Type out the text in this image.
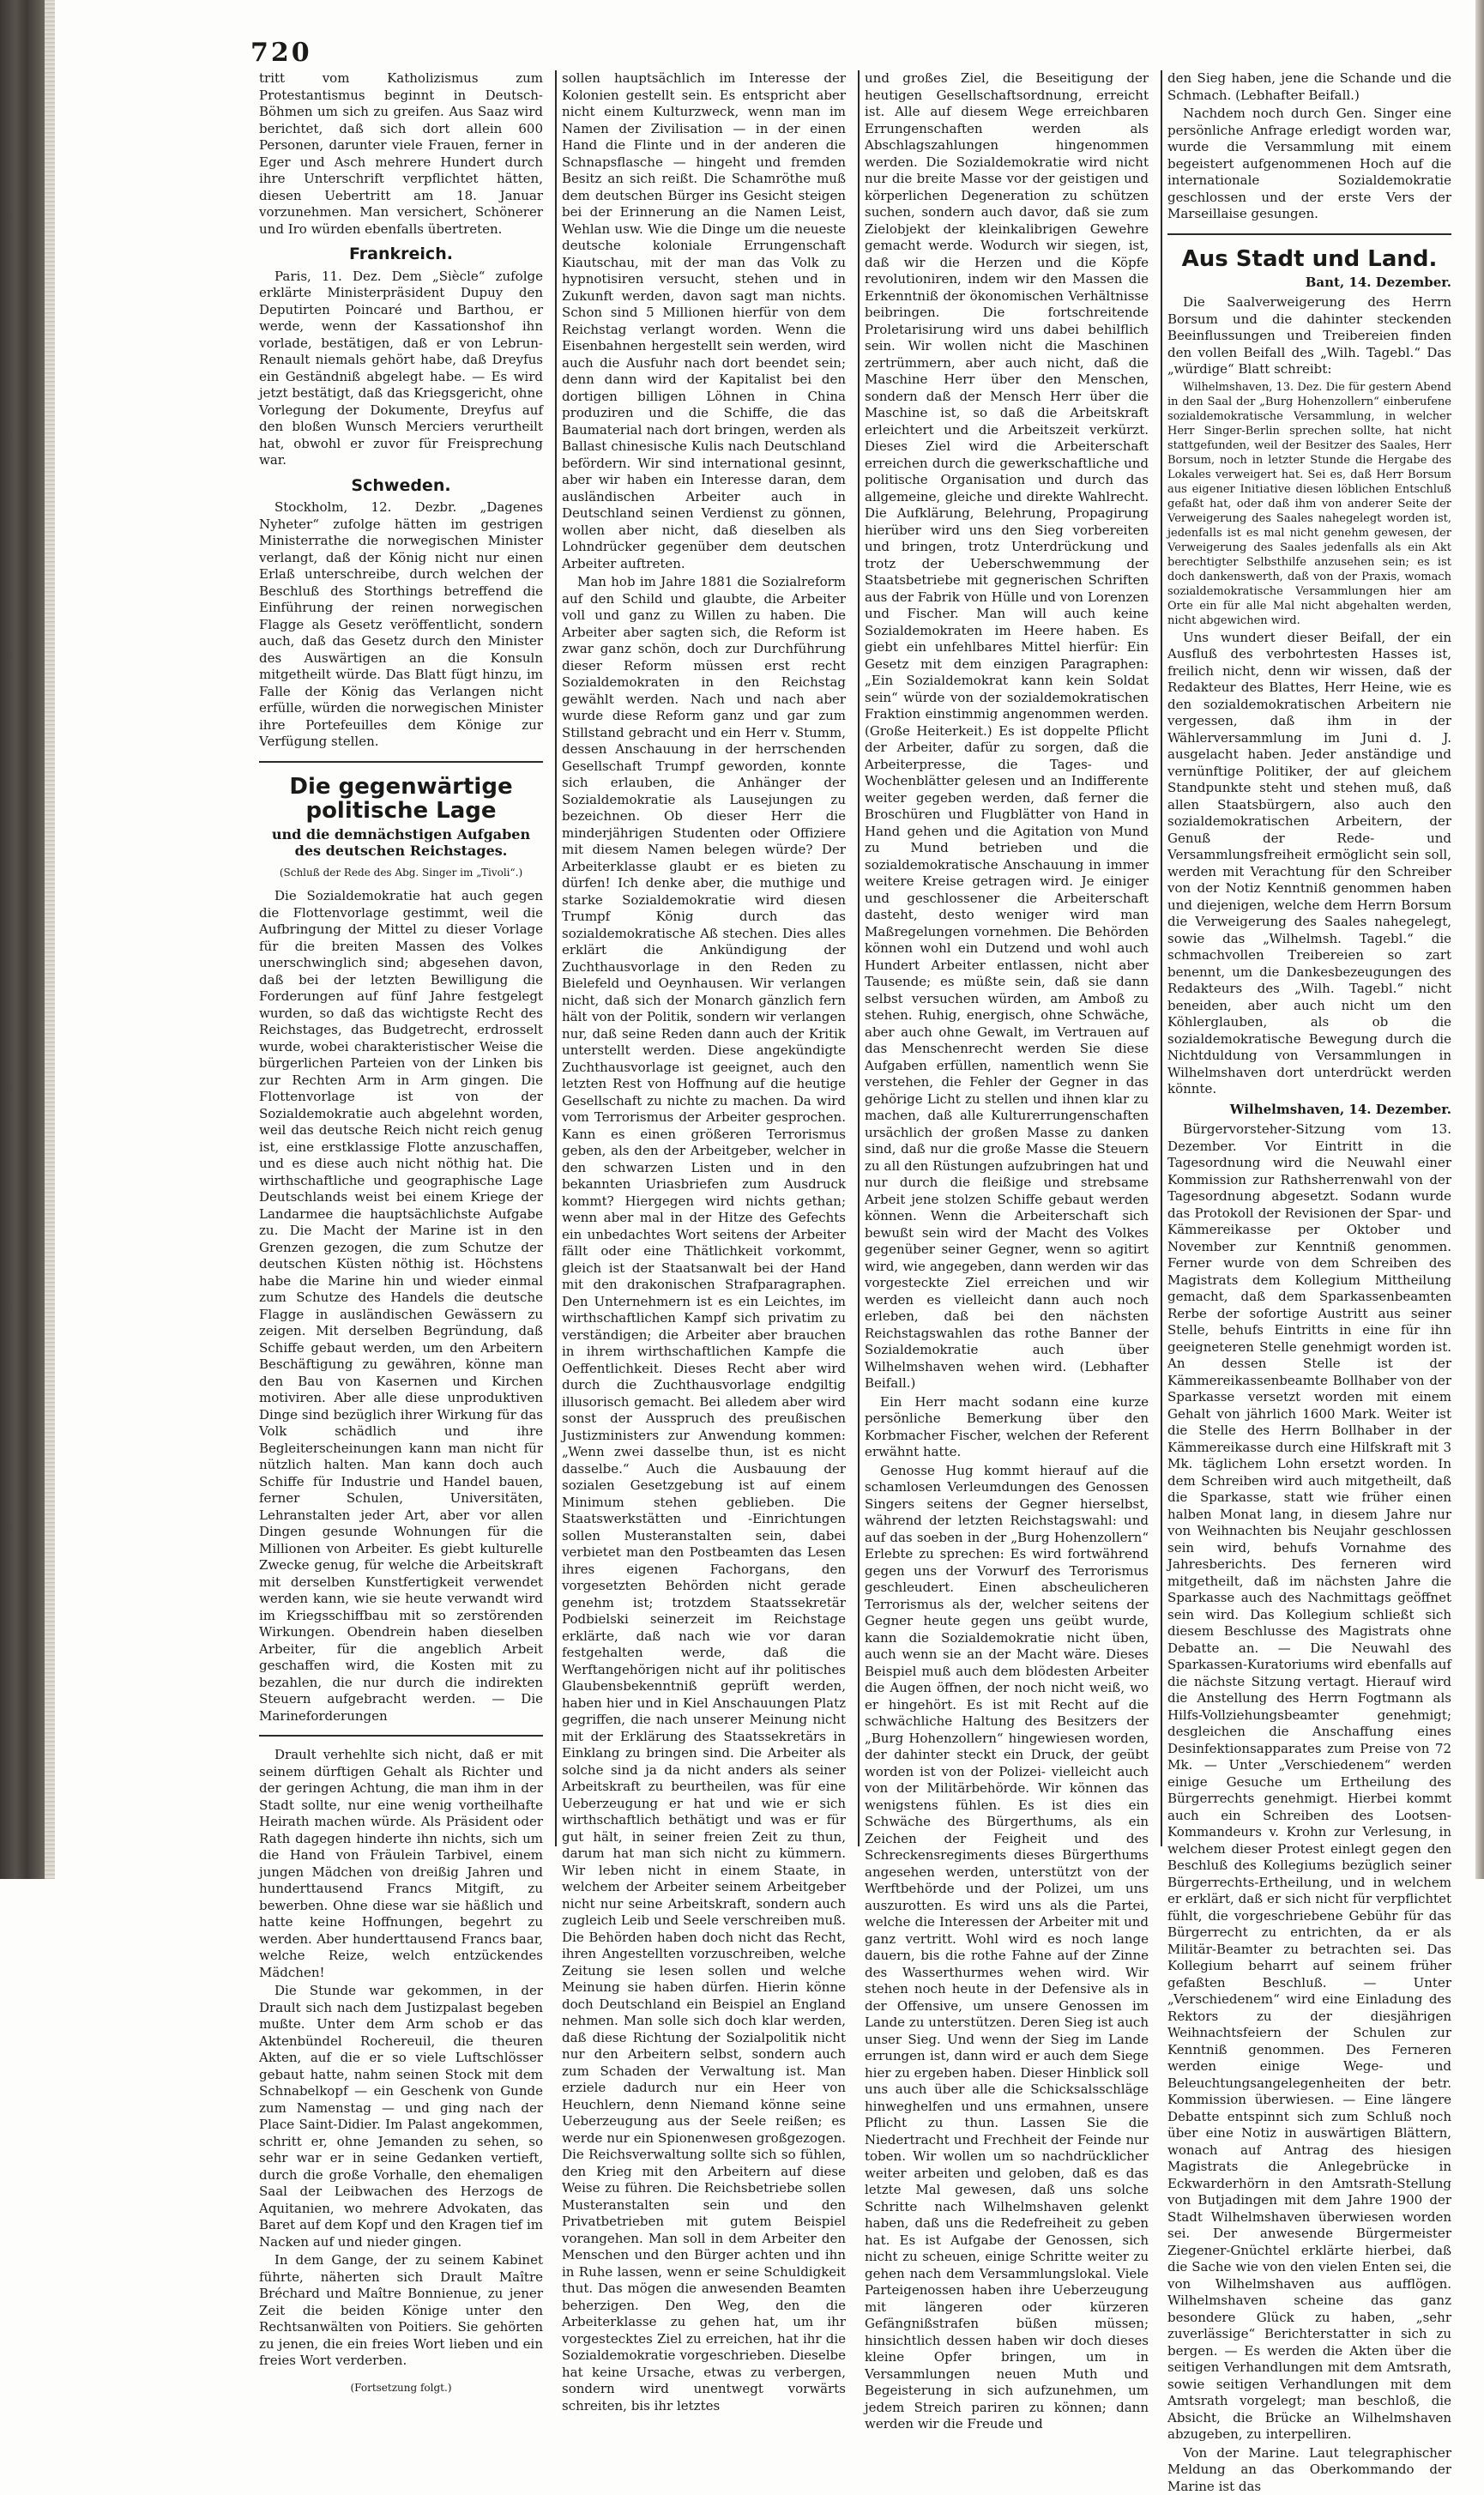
720

tritt vom Katholizismus zum Protestantismus beginnt in Deutsch-Böhmen um sich zu greifen. Aus Saaz wird berichtet, daß sich dort allein 600 Personen, darunter viele Frauen, ferner in Eger und Asch mehrere Hundert durch ihre Unterschrift verpflichtet hätten, diesen Uebertritt am 18. Januar vorzunehmen. Man versichert, Schönerer und Iro würden ebenfalls übertreten.

Frankreich.

Paris, 11. Dez. Dem „Siècle“ zufolge erklärte Ministerpräsident Dupuy den Deputirten Poincaré und Barthou, er werde, wenn der Kassationshof ihn vorlade, bestätigen, daß er von Lebrun-Renault niemals gehört habe, daß Dreyfus ein Geständniß abgelegt habe. — Es wird jetzt bestätigt, daß das Kriegsgericht, ohne Vorlegung der Dokumente, Dreyfus auf den bloßen Wunsch Merciers verurtheilt hat, obwohl er zuvor für Freisprechung war.

Schweden.

Stockholm, 12. Dezbr. „Dagenes Nyheter“ zufolge hätten im gestrigen Ministerrathe die norwegischen Minister verlangt, daß der König nicht nur einen Erlaß unterschreibe, durch welchen der Beschluß des Storthings betreffend die Einführung der reinen norwegischen Flagge als Gesetz veröffentlicht, sondern auch, daß das Gesetz durch den Minister des Auswärtigen an die Konsuln mitgetheilt würde. Das Blatt fügt hinzu, im Falle der König das Verlangen nicht erfülle, würden die norwegischen Minister ihre Portefeuilles dem Könige zur Verfügung stellen.

Die gegenwärtige politische Lage
und die demnächstigen Aufgaben des deutschen Reichstages.
(Schluß der Rede des Abg. Singer im „Tivoli“.)

Die Sozialdemokratie hat auch gegen die Flottenvorlage gestimmt, weil die Aufbringung der Mittel zu dieser Vorlage für die breiten Massen des Volkes unerschwinglich sind; abgesehen davon, daß bei der letzten Bewilligung die Forderungen auf fünf Jahre festgelegt wurden, so daß das wichtigste Recht des Reichstages, das Budgetrecht, erdrosselt wurde, wobei charakteristischer Weise die bürgerlichen Parteien von der Linken bis zur Rechten Arm in Arm gingen. Die Flottenvorlage ist von der Sozialdemokratie auch abgelehnt worden, weil das deutsche Reich nicht reich genug ist, eine erstklassige Flotte anzuschaffen, und es diese auch nicht nöthig hat. Die wirthschaftliche und geographische Lage Deutschlands weist bei einem Kriege der Landarmee die hauptsächlichste Aufgabe zu. Die Macht der Marine ist in den Grenzen gezogen, die zum Schutze der deutschen Küsten nöthig ist. Höchstens habe die Marine hin und wieder einmal zum Schutze des Handels die deutsche Flagge in ausländischen Gewässern zu zeigen. Mit derselben Begründung, daß Schiffe gebaut werden, um den Arbeitern Beschäftigung zu gewähren, könne man den Bau von Kasernen und Kirchen motiviren. Aber alle diese unproduktiven Dinge sind bezüglich ihrer Wirkung für das Volk schädlich und ihre Begleiterscheinungen kann man nicht für nützlich halten. Man kann doch auch Schiffe für Industrie und Handel bauen, ferner Schulen, Universitäten, Lehranstalten jeder Art, aber vor allen Dingen gesunde Wohnungen für die Millionen von Arbeiter. Es giebt kulturelle Zwecke genug, für welche die Arbeitskraft mit derselben Kunstfertigkeit verwendet werden kann, wie sie heute verwandt wird im Kriegsschiffbau mit so zerstörenden Wirkungen. Obendrein haben dieselben Arbeiter, für die angeblich Arbeit geschaffen wird, die Kosten mit zu bezahlen, die nur durch die indirekten Steuern aufgebracht werden. — Die Marineforderungen

Drault verhehlte sich nicht, daß er mit seinem dürftigen Gehalt als Richter und der geringen Achtung, die man ihm in der Stadt sollte, nur eine wenig vortheilhafte Heirath machen würde. Als Präsident oder Rath dagegen hinderte ihn nichts, sich um die Hand von Fräulein Tarbivel, einem jungen Mädchen von dreißig Jahren und hunderttausend Francs Mitgift, zu bewerben. Ohne diese war sie häßlich und hatte keine Hoffnungen, begehrt zu werden. Aber hunderttausend Francs baar, welche Reize, welch entzückendes Mädchen!

Die Stunde war gekommen, in der Drault sich nach dem Justizpalast begeben mußte. Unter dem Arm schob er das Aktenbündel Rochereuil, die theuren Akten, auf die er so viele Luftschlösser gebaut hatte, nahm seinen Stock mit dem Schnabelkopf — ein Geschenk von Gunde zum Namenstag — und ging nach der Place Saint-Didier. Im Palast angekommen, schritt er, ohne Jemanden zu sehen, so sehr war er in seine Gedanken vertieft, durch die große Vorhalle, den ehemaligen Saal der Leibwachen des Herzogs de Aquitanien, wo mehrere Advokaten, das Baret auf dem Kopf und den Kragen tief im Nacken auf und nieder gingen.

In dem Gange, der zu seinem Kabinet führte, näherten sich Drault Maître Bréchard und Maître Bonnienue, zu jener Zeit die beiden Könige unter den Rechtsanwälten von Poitiers. Sie gehörten zu jenen, die ein freies Wort lieben und ein freies Wort verderben.

(Fortsetzung folgt.)

sollen hauptsächlich im Interesse der Kolonien gestellt sein. Es entspricht aber nicht einem Kulturzweck, wenn man im Namen der Zivilisation — in der einen Hand die Flinte und in der anderen die Schnapsflasche — hingeht und fremden Besitz an sich reißt. Die Schamröthe muß dem deutschen Bürger ins Gesicht steigen bei der Erinnerung an die Namen Leist, Wehlan usw. Wie die Dinge um die neueste deutsche koloniale Errungenschaft Kiautschau, mit der man das Volk zu hypnotisiren versucht, stehen und in Zukunft werden, davon sagt man nichts. Schon sind 5 Millionen hierfür von dem Reichstag verlangt worden. Wenn die Eisenbahnen hergestellt sein werden, wird auch die Ausfuhr nach dort beendet sein; denn dann wird der Kapitalist bei den dortigen billigen Löhnen in China produziren und die Schiffe, die das Baumaterial nach dort bringen, werden als Ballast chinesische Kulis nach Deutschland befördern. Wir sind international gesinnt, aber wir haben ein Interesse daran, dem ausländischen Arbeiter auch in Deutschland seinen Verdienst zu gönnen, wollen aber nicht, daß dieselben als Lohndrücker gegenüber dem deutschen Arbeiter auftreten.

Man hob im Jahre 1881 die Sozialreform auf den Schild und glaubte, die Arbeiter voll und ganz zu Willen zu haben. Die Arbeiter aber sagten sich, die Reform ist zwar ganz schön, doch zur Durchführung dieser Reform müssen erst recht Sozialdemokraten in den Reichstag gewählt werden. Nach und nach aber wurde diese Reform ganz und gar zum Stillstand gebracht und ein Herr v. Stumm, dessen Anschauung in der herrschenden Gesellschaft Trumpf geworden, konnte sich erlauben, die Anhänger der Sozialdemokratie als Lausejungen zu bezeichnen. Ob dieser Herr die minderjährigen Studenten oder Offiziere mit diesem Namen belegen würde? Der Arbeiterklasse glaubt er es bieten zu dürfen! Ich denke aber, die muthige und starke Sozialdemokratie wird diesen Trumpf König durch das sozialdemokratische Aß stechen. Dies alles erklärt die Ankündigung der Zuchthausvorlage in den Reden zu Bielefeld und Oeynhausen. Wir verlangen nicht, daß sich der Monarch gänzlich fern hält von der Politik, sondern wir verlangen nur, daß seine Reden dann auch der Kritik unterstellt werden. Diese angekündigte Zuchthausvorlage ist geeignet, auch den letzten Rest von Hoffnung auf die heutige Gesellschaft zu nichte zu machen. Da wird vom Terrorismus der Arbeiter gesprochen. Kann es einen größeren Terrorismus geben, als den der Arbeitgeber, welcher in den schwarzen Listen und in den bekannten Uriasbriefen zum Ausdruck kommt? Hiergegen wird nichts gethan; wenn aber mal in der Hitze des Gefechts ein unbedachtes Wort seitens der Arbeiter fällt oder eine Thätlichkeit vorkommt, gleich ist der Staatsanwalt bei der Hand mit den drakonischen Strafparagraphen. Den Unternehmern ist es ein Leichtes, im wirthschaftlichen Kampf sich privatim zu verständigen; die Arbeiter aber brauchen in ihrem wirthschaftlichen Kampfe die Oeffentlichkeit. Dieses Recht aber wird durch die Zuchthausvorlage endgiltig illusorisch gemacht. Bei alledem aber wird sonst der Ausspruch des preußischen Justizministers zur Anwendung kommen: „Wenn zwei dasselbe thun, ist es nicht dasselbe.“ Auch die Ausbauung der sozialen Gesetzgebung ist auf einem Minimum stehen geblieben. Die Staatswerkstätten und -Einrichtungen sollen Musteranstalten sein, dabei verbietet man den Postbeamten das Lesen ihres eigenen Fachorgans, den vorgesetzten Behörden nicht gerade genehm ist; trotzdem Staatssekretär Podbielski seinerzeit im Reichstage erklärte, daß nach wie vor daran festgehalten werde, daß die Werftangehörigen nicht auf ihr politisches Glaubensbekenntniß geprüft werden, haben hier und in Kiel Anschauungen Platz gegriffen, die nach unserer Meinung nicht mit der Erklärung des Staatssekretärs in Einklang zu bringen sind. Die Arbeiter als solche sind ja da nicht anders als seiner Arbeitskraft zu beurtheilen, was für eine Ueberzeugung er hat und wie er sich wirthschaftlich bethätigt und was er für gut hält, in seiner freien Zeit zu thun, darum hat man sich nicht zu kümmern. Wir leben nicht in einem Staate, in welchem der Arbeiter seinem Arbeitgeber nicht nur seine Arbeitskraft, sondern auch zugleich Leib und Seele verschreiben muß. Die Behörden haben doch nicht das Recht, ihren Angestellten vorzuschreiben, welche Zeitung sie lesen sollen und welche Meinung sie haben dürfen. Hierin könne doch Deutschland ein Beispiel an England nehmen. Man solle sich doch klar werden, daß diese Richtung der Sozialpolitik nicht nur den Arbeitern selbst, sondern auch zum Schaden der Verwaltung ist. Man erziele dadurch nur ein Heer von Heuchlern, denn Niemand könne seine Ueberzeugung aus der Seele reißen; es werde nur ein Spionenwesen großgezogen. Die Reichsverwaltung sollte sich so fühlen, den Krieg mit den Arbeitern auf diese Weise zu führen. Die Reichsbetriebe sollen Musteranstalten sein und den Privatbetrieben mit gutem Beispiel vorangehen. Man soll in dem Arbeiter den Menschen und den Bürger achten und ihn in Ruhe lassen, wenn er seine Schuldigkeit thut. Das mögen die anwesenden Beamten beherzigen. Den Weg, den die Arbeiterklasse zu gehen hat, um ihr vorgestecktes Ziel zu erreichen, hat ihr die Sozialdemokratie vorgeschrieben. Dieselbe hat keine Ursache, etwas zu verbergen, sondern wird unentwegt vorwärts schreiten, bis ihr letztes

und großes Ziel, die Beseitigung der heutigen Gesellschaftsordnung, erreicht ist. Alle auf diesem Wege erreichbaren Errungenschaften werden als Abschlagszahlungen hingenommen werden. Die Sozialdemokratie wird nicht nur die breite Masse vor der geistigen und körperlichen Degeneration zu schützen suchen, sondern auch davor, daß sie zum Zielobjekt der kleinkalibrigen Gewehre gemacht werde. Wodurch wir siegen, ist, daß wir die Herzen und die Köpfe revolutioniren, indem wir den Massen die Erkenntniß der ökonomischen Verhältnisse beibringen. Die fortschreitende Proletarisirung wird uns dabei behilflich sein. Wir wollen nicht die Maschinen zertrümmern, aber auch nicht, daß die Maschine Herr über den Menschen, sondern daß der Mensch Herr über die Maschine ist, so daß die Arbeitskraft erleichtert und die Arbeitszeit verkürzt. Dieses Ziel wird die Arbeiterschaft erreichen durch die gewerkschaftliche und politische Organisation und durch das allgemeine, gleiche und direkte Wahlrecht. Die Aufklärung, Belehrung, Propagirung hierüber wird uns den Sieg vorbereiten und bringen, trotz Unterdrückung und trotz der Ueberschwemmung der Staatsbetriebe mit gegnerischen Schriften aus der Fabrik von Hülle und von Lorenzen und Fischer. Man will auch keine Sozialdemokraten im Heere haben. Es giebt ein unfehlbares Mittel hierfür: Ein Gesetz mit dem einzigen Paragraphen: „Ein Sozialdemokrat kann kein Soldat sein“ würde von der sozialdemokratischen Fraktion einstimmig angenommen werden. (Große Heiterkeit.) Es ist doppelte Pflicht der Arbeiter, dafür zu sorgen, daß die Arbeiterpresse, die Tages- und Wochenblätter gelesen und an Indifferente weiter gegeben werden, daß ferner die Broschüren und Flugblätter von Hand in Hand gehen und die Agitation von Mund zu Mund betrieben und die sozialdemokratische Anschauung in immer weitere Kreise getragen wird. Je einiger und geschlossener die Arbeiterschaft dasteht, desto weniger wird man Maßregelungen vornehmen. Die Behörden können wohl ein Dutzend und wohl auch Hundert Arbeiter entlassen, nicht aber Tausende; es müßte sein, daß sie dann selbst versuchen würden, am Amboß zu stehen. Ruhig, energisch, ohne Schwäche, aber auch ohne Gewalt, im Vertrauen auf das Menschenrecht werden Sie diese Aufgaben erfüllen, namentlich wenn Sie verstehen, die Fehler der Gegner in das gehörige Licht zu stellen und ihnen klar zu machen, daß alle Kulturerrungenschaften ursächlich der großen Masse zu danken sind, daß nur die große Masse die Steuern zu all den Rüstungen aufzubringen hat und nur durch die fleißige und strebsame Arbeit jene stolzen Schiffe gebaut werden können. Wenn die Arbeiterschaft sich bewußt sein wird der Macht des Volkes gegenüber seiner Gegner, wenn so agitirt wird, wie angegeben, dann werden wir das vorgesteckte Ziel erreichen und wir werden es vielleicht dann auch noch erleben, daß bei den nächsten Reichstagswahlen das rothe Banner der Sozialdemokratie auch über Wilhelmshaven wehen wird. (Lebhafter Beifall.)

Ein Herr macht sodann eine kurze persönliche Bemerkung über den Korbmacher Fischer, welchen der Referent erwähnt hatte.

Genosse Hug kommt hierauf auf die schamlosen Verleumdungen des Genossen Singers seitens der Gegner hierselbst, während der letzten Reichstagswahl: und auf das soeben in der „Burg Hohenzollern“ Erlebte zu sprechen: Es wird fortwährend gegen uns der Vorwurf des Terrorismus geschleudert. Einen abscheulicheren Terrorismus als der, welcher seitens der Gegner heute gegen uns geübt wurde, kann die Sozialdemokratie nicht üben, auch wenn sie an der Macht wäre. Dieses Beispiel muß auch dem blödesten Arbeiter die Augen öffnen, der noch nicht weiß, wo er hingehört. Es ist mit Recht auf die schwächliche Haltung des Besitzers der „Burg Hohenzollern“ hingewiesen worden, der dahinter steckt ein Druck, der geübt worden ist von der Polizei- vielleicht auch von der Militärbehörde. Wir können das wenigstens fühlen. Es ist dies ein Schwäche des Bürgerthums, als ein Zeichen der Feigheit und des Schreckensregiments dieses Bürgerthums angesehen werden, unterstützt von der Werftbehörde und der Polizei, um uns auszurotten. Es wird uns als die Partei, welche die Interessen der Arbeiter mit und ganz vertritt. Wohl wird es noch lange dauern, bis die rothe Fahne auf der Zinne des Wasserthurmes wehen wird. Wir stehen noch heute in der Defensive als in der Offensive, um unsere Genossen im Lande zu unterstützen. Deren Sieg ist auch unser Sieg. Und wenn der Sieg im Lande errungen ist, dann wird er auch dem Siege hier zu ergeben haben. Dieser Hinblick soll uns auch über alle die Schicksalsschläge hinweghelfen und uns ermahnen, unsere Pflicht zu thun. Lassen Sie die Niedertracht und Frechheit der Feinde nur toben. Wir wollen um so nachdrücklicher weiter arbeiten und geloben, daß es das letzte Mal gewesen, daß uns solche Schritte nach Wilhelmshaven gelenkt haben, daß uns die Redefreiheit zu geben hat. Es ist Aufgabe der Genossen, sich nicht zu scheuen, einige Schritte weiter zu gehen nach dem Versammlungslokal. Viele Parteigenossen haben ihre Ueberzeugung mit längeren oder kürzeren Gefängnißstrafen büßen müssen; hinsichtlich dessen haben wir doch dieses kleine Opfer bringen, um in Versammlungen neuen Muth und Begeisterung in sich aufzunehmen, um jedem Streich pariren zu können; dann werden wir die Freude und

den Sieg haben, jene die Schande und die Schmach. (Lebhafter Beifall.)

Nachdem noch durch Gen. Singer eine persönliche Anfrage erledigt worden war, wurde die Versammlung mit einem begeistert aufgenommenen Hoch auf die internationale Sozialdemokratie geschlossen und der erste Vers der Marseillaise gesungen.

Aus Stadt und Land.
Bant, 14. Dezember.

Die Saalverweigerung des Herrn Borsum und die dahinter steckenden Beeinflussungen und Treibereien finden den vollen Beifall des „Wilh. Tagebl.“ Das „würdige“ Blatt schreibt:

Wilhelmshaven, 13. Dez. Die für gestern Abend in den Saal der „Burg Hohenzollern“ einberufene sozialdemokratische Versammlung, in welcher Herr Singer-Berlin sprechen sollte, hat nicht stattgefunden, weil der Besitzer des Saales, Herr Borsum, noch in letzter Stunde die Hergabe des Lokales verweigert hat. Sei es, daß Herr Borsum aus eigener Initiative diesen löblichen Entschluß gefaßt hat, oder daß ihm von anderer Seite der Verweigerung des Saales nahegelegt worden ist, jedenfalls ist es mal nicht genehm gewesen, der Verweigerung des Saales jedenfalls als ein Akt berechtigter Selbsthilfe anzusehen sein; es ist doch dankenswerth, daß von der Praxis, womach sozialdemokratische Versammlungen hier am Orte ein für alle Mal nicht abgehalten werden, nicht abgewichen wird.

Uns wundert dieser Beifall, der ein Ausfluß des verbohrtesten Hasses ist, freilich nicht, denn wir wissen, daß der Redakteur des Blattes, Herr Heine, wie es den sozialdemokratischen Arbeitern nie vergessen, daß ihm in der Wählerversammlung im Juni d. J. ausgelacht haben. Jeder anständige und vernünftige Politiker, der auf gleichem Standpunkte steht und stehen muß, daß allen Staatsbürgern, also auch den sozialdemokratischen Arbeitern, der Genuß der Rede- und Versammlungsfreiheit ermöglicht sein soll, werden mit Verachtung für den Schreiber von der Notiz Kenntniß genommen haben und diejenigen, welche dem Herrn Borsum die Verweigerung des Saales nahegelegt, sowie das „Wilhelmsh. Tagebl.“ die schmachvollen Treibereien so zart benennt, um die Dankesbezeugungen des Redakteurs des „Wilh. Tagebl.“ nicht beneiden, aber auch nicht um den Köhlerglauben, als ob die sozialdemokratische Bewegung durch die Nichtduldung von Versammlungen in Wilhelmshaven dort unterdrückt werden könnte.

Wilhelmshaven, 14. Dezember.

Bürgervorsteher-Sitzung vom 13. Dezember. Vor Eintritt in die Tagesordnung wird die Neuwahl einer Kommission zur Rathsherrenwahl von der Tagesordnung abgesetzt. Sodann wurde das Protokoll der Revisionen der Spar- und Kämmereikasse per Oktober und November zur Kenntniß genommen. Ferner wurde von dem Schreiben des Magistrats dem Kollegium Mittheilung gemacht, daß dem Sparkassenbeamten Rerbe der sofortige Austritt aus seiner Stelle, behufs Eintritts in eine für ihn geeigneteren Stelle genehmigt worden ist. An dessen Stelle ist der Kämmereikassenbeamte Bollhaber von der Sparkasse versetzt worden mit einem Gehalt von jährlich 1600 Mark. Weiter ist die Stelle des Herrn Bollhaber in der Kämmereikasse durch eine Hilfskraft mit 3 Mk. täglichem Lohn ersetzt worden. In dem Schreiben wird auch mitgetheilt, daß die Sparkasse, statt wie früher einen halben Monat lang, in diesem Jahre nur von Weihnachten bis Neujahr geschlossen sein wird, behufs Vornahme des Jahresberichts. Des ferneren wird mitgetheilt, daß im nächsten Jahre die Sparkasse auch des Nachmittags geöffnet sein wird. Das Kollegium schließt sich diesem Beschlusse des Magistrats ohne Debatte an. — Die Neuwahl des Sparkassen-Kuratoriums wird ebenfalls auf die nächste Sitzung vertagt. Hierauf wird die Anstellung des Herrn Fogtmann als Hilfs-Vollziehungsbeamter genehmigt; desgleichen die Anschaffung eines Desinfektionsapparates zum Preise von 72 Mk. — Unter „Verschiedenem“ werden einige Gesuche um Ertheilung des Bürgerrechts genehmigt. Hierbei kommt auch ein Schreiben des Lootsen-Kommandeurs v. Krohn zur Verlesung, in welchem dieser Protest einlegt gegen den Beschluß des Kollegiums bezüglich seiner Bürgerrechts-Ertheilung, und in welchem er erklärt, daß er sich nicht für verpflichtet fühlt, die vorgeschriebene Gebühr für das Bürgerrecht zu entrichten, da er als Militär-Beamter zu betrachten sei. Das Kollegium beharrt auf seinem früher gefaßten Beschluß. — Unter „Verschiedenem“ wird eine Einladung des Rektors zu der diesjährigen Weihnachtsfeiern der Schulen zur Kenntniß genommen. Des Ferneren werden einige Wege- und Beleuchtungsangelegenheiten der betr. Kommission überwiesen. — Eine längere Debatte entspinnt sich zum Schluß noch über eine Notiz in auswärtigen Blättern, wonach auf Antrag des hiesigen Magistrats die Anlegebrücke in Eckwarderhörn in den Amtsrath-Stellung von Butjadingen mit dem Jahre 1900 der Stadt Wilhelmshaven überwiesen worden sei. Der anwesende Bürgermeister Ziegener-Gnüchtel erklärte hierbei, daß die Sache wie von den vielen Enten sei, die von Wilhelmshaven aus aufflögen. Wilhelmshaven scheine das ganz besondere Glück zu haben, „sehr zuverlässige“ Berichterstatter in sich zu bergen. — Es werden die Akten über die seitigen Verhandlungen mit dem Amtsrath, sowie seitigen Verhandlungen mit dem Amtsrath vorgelegt; man beschloß, die Absicht, die Brücke an Wilhelmshaven abzugeben, zu interpelliren.

Von der Marine. Laut telegraphischer Meldung an das Oberkommando der Marine ist das
